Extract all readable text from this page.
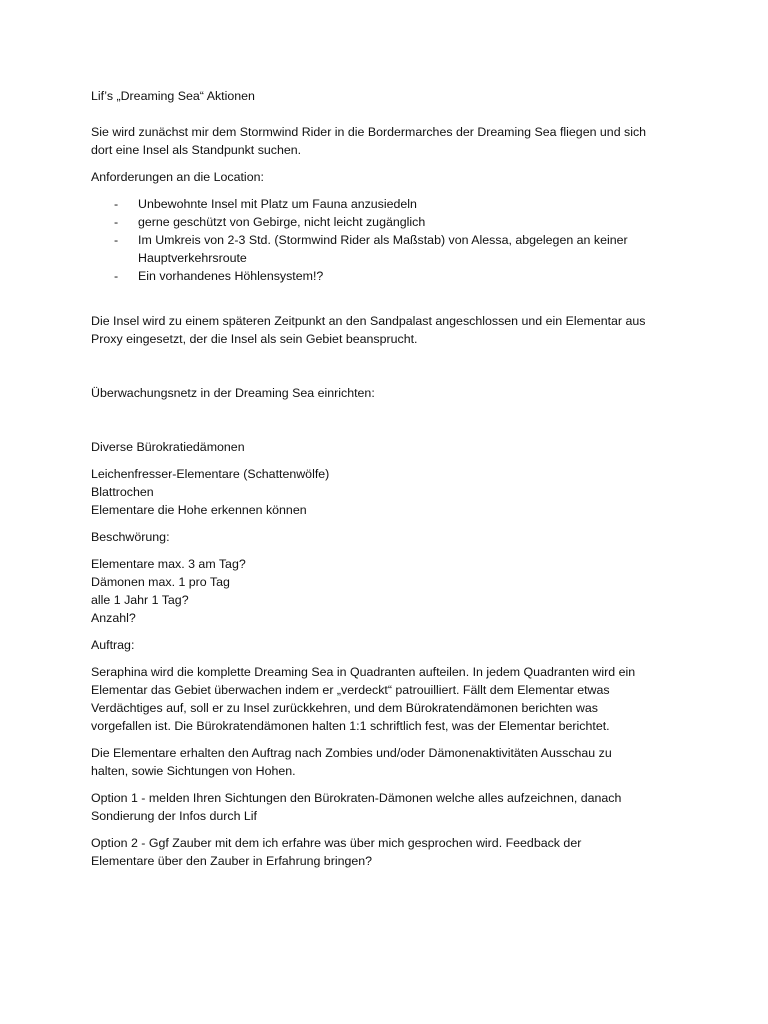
Lif’s „Dreaming Sea“ Aktionen

Sie wird zunächst mir dem Stormwind Rider in die Bordermarches der Dreaming Sea fliegen und sich
dort eine Insel als Standpunkt suchen.

Anforderungen an die Location:

- Unbewohnte Insel mit Platz um Fauna anzusiedeln
- gerne geschützt von Gebirge, nicht leicht zugänglich
- Im Umkreis von 2-3 Std. (Stormwind Rider als Maßstab) von Alessa, abgelegen an keiner
Hauptverkehrsroute
- Ein vorhandenes Höhlensystem!?

Die Insel wird zu einem späteren Zeitpunkt an den Sandpalast angeschlossen und ein Elementar aus
Proxy eingesetzt, der die Insel als sein Gebiet beansprucht.

Überwachungsnetz in der Dreaming Sea einrichten:

Diverse Bürokratiedämonen

Leichenfresser-Elementare (Schattenwölfe)
Blattrochen
Elementare die Hohe erkennen können

Beschwörung:

Elementare max. 3 am Tag?
Dämonen max. 1 pro Tag
alle 1 Jahr 1 Tag?
Anzahl?

Auftrag:

Seraphina wird die komplette Dreaming Sea in Quadranten aufteilen. In jedem Quadranten wird ein
Elementar das Gebiet überwachen indem er „verdeckt“ patrouilliert. Fällt dem Elementar etwas
Verdächtiges auf, soll er zu Insel zurückkehren, und dem Bürokratendämonen berichten was
vorgefallen ist. Die Bürokratendämonen halten 1:1 schriftlich fest, was der Elementar berichtet.

Die Elementare erhalten den Auftrag nach Zombies und/oder Dämonenaktivitäten Ausschau zu
halten, sowie Sichtungen von Hohen.

Option 1 - melden Ihren Sichtungen den Bürokraten-Dämonen welche alles aufzeichnen, danach
Sondierung der Infos durch Lif

Option 2 - Ggf Zauber mit dem ich erfahre was über mich gesprochen wird. Feedback der
Elementare über den Zauber in Erfahrung bringen?
